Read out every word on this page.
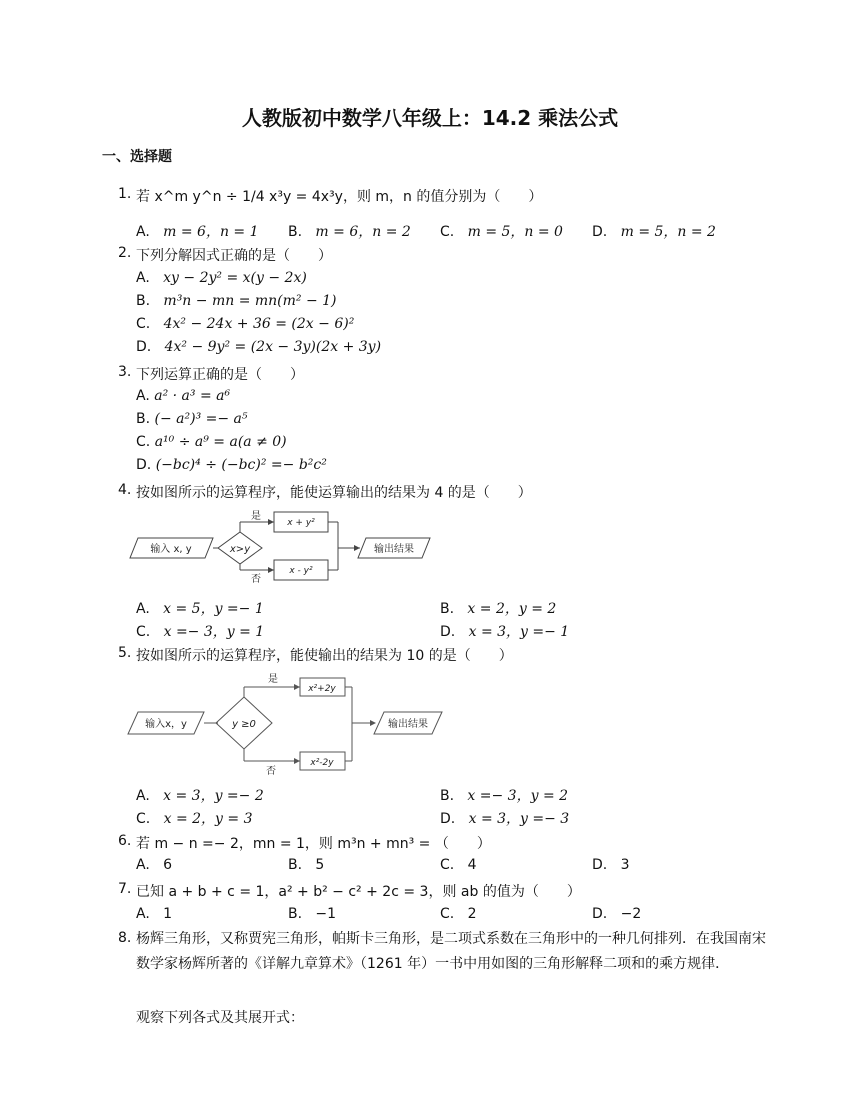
人教版初中数学八年级上：14.2 乘法公式
一、选择题
1. 若 x^m y^n ÷ 1/4 x³y = 4x³y，则 m，n 的值分别为（　　）
A. m = 6，n = 1 B. m = 6，n = 2 C. m = 5，n = 0 D. m = 5，n = 2
2. 下列分解因式正确的是（　　）
A. xy − 2y² = x(y − 2x)
B. m³n − mn = mn(m² − 1)
C. 4x² − 24x + 36 = (2x − 6)²
D. 4x² − 9y² = (2x − 3y)(2x + 3y)
3. 下列运算正确的是（　　）
A. a² · a³ = a⁶
B. (− a²)³ =− a⁵
C. a¹⁰ ÷ a⁹ = a(a ≠ 0)
D. (−bc)⁴ ÷ (−bc)² =− b²c²
4. 按如图所示的运算程序，能使运算输出的结果为 4 的是（　　）
输入 x, y	x>y
是
否
x + y²
x - y²
输出结果
A. x = 5，y =− 1	B. x = 2，y = 2
C. x =− 3，y = 1	D. x = 3，y =− 1
5. 按如图所示的运算程序，能使输出的结果为 10 的是（　　）
输入x，y	y ≥0
是
否
x²+2y
x²-2y
输出结果
A. x = 3，y =− 2	B. x =− 3，y = 2
C. x = 2，y = 3	D. x = 3，y =− 3
6. 若 m − n =− 2，mn = 1，则 m³n + mn³ = （　　）
A. 6	B. 5	C. 4	D. 3
7. 已知 a + b + c = 1，a² + b² − c² + 2c = 3，则 ab 的值为（　　）
A. 1	B. −1	C. 2	D. −2
8. 杨辉三角形，又称贾宪三角形，帕斯卡三角形，是二项式系数在三角形中的一种几何排列．在我国南宋数学家杨辉所著的《详解九章算术》（1261 年）一书中用如图的三角形解释二项和的乘方规律．
观察下列各式及其展开式：
